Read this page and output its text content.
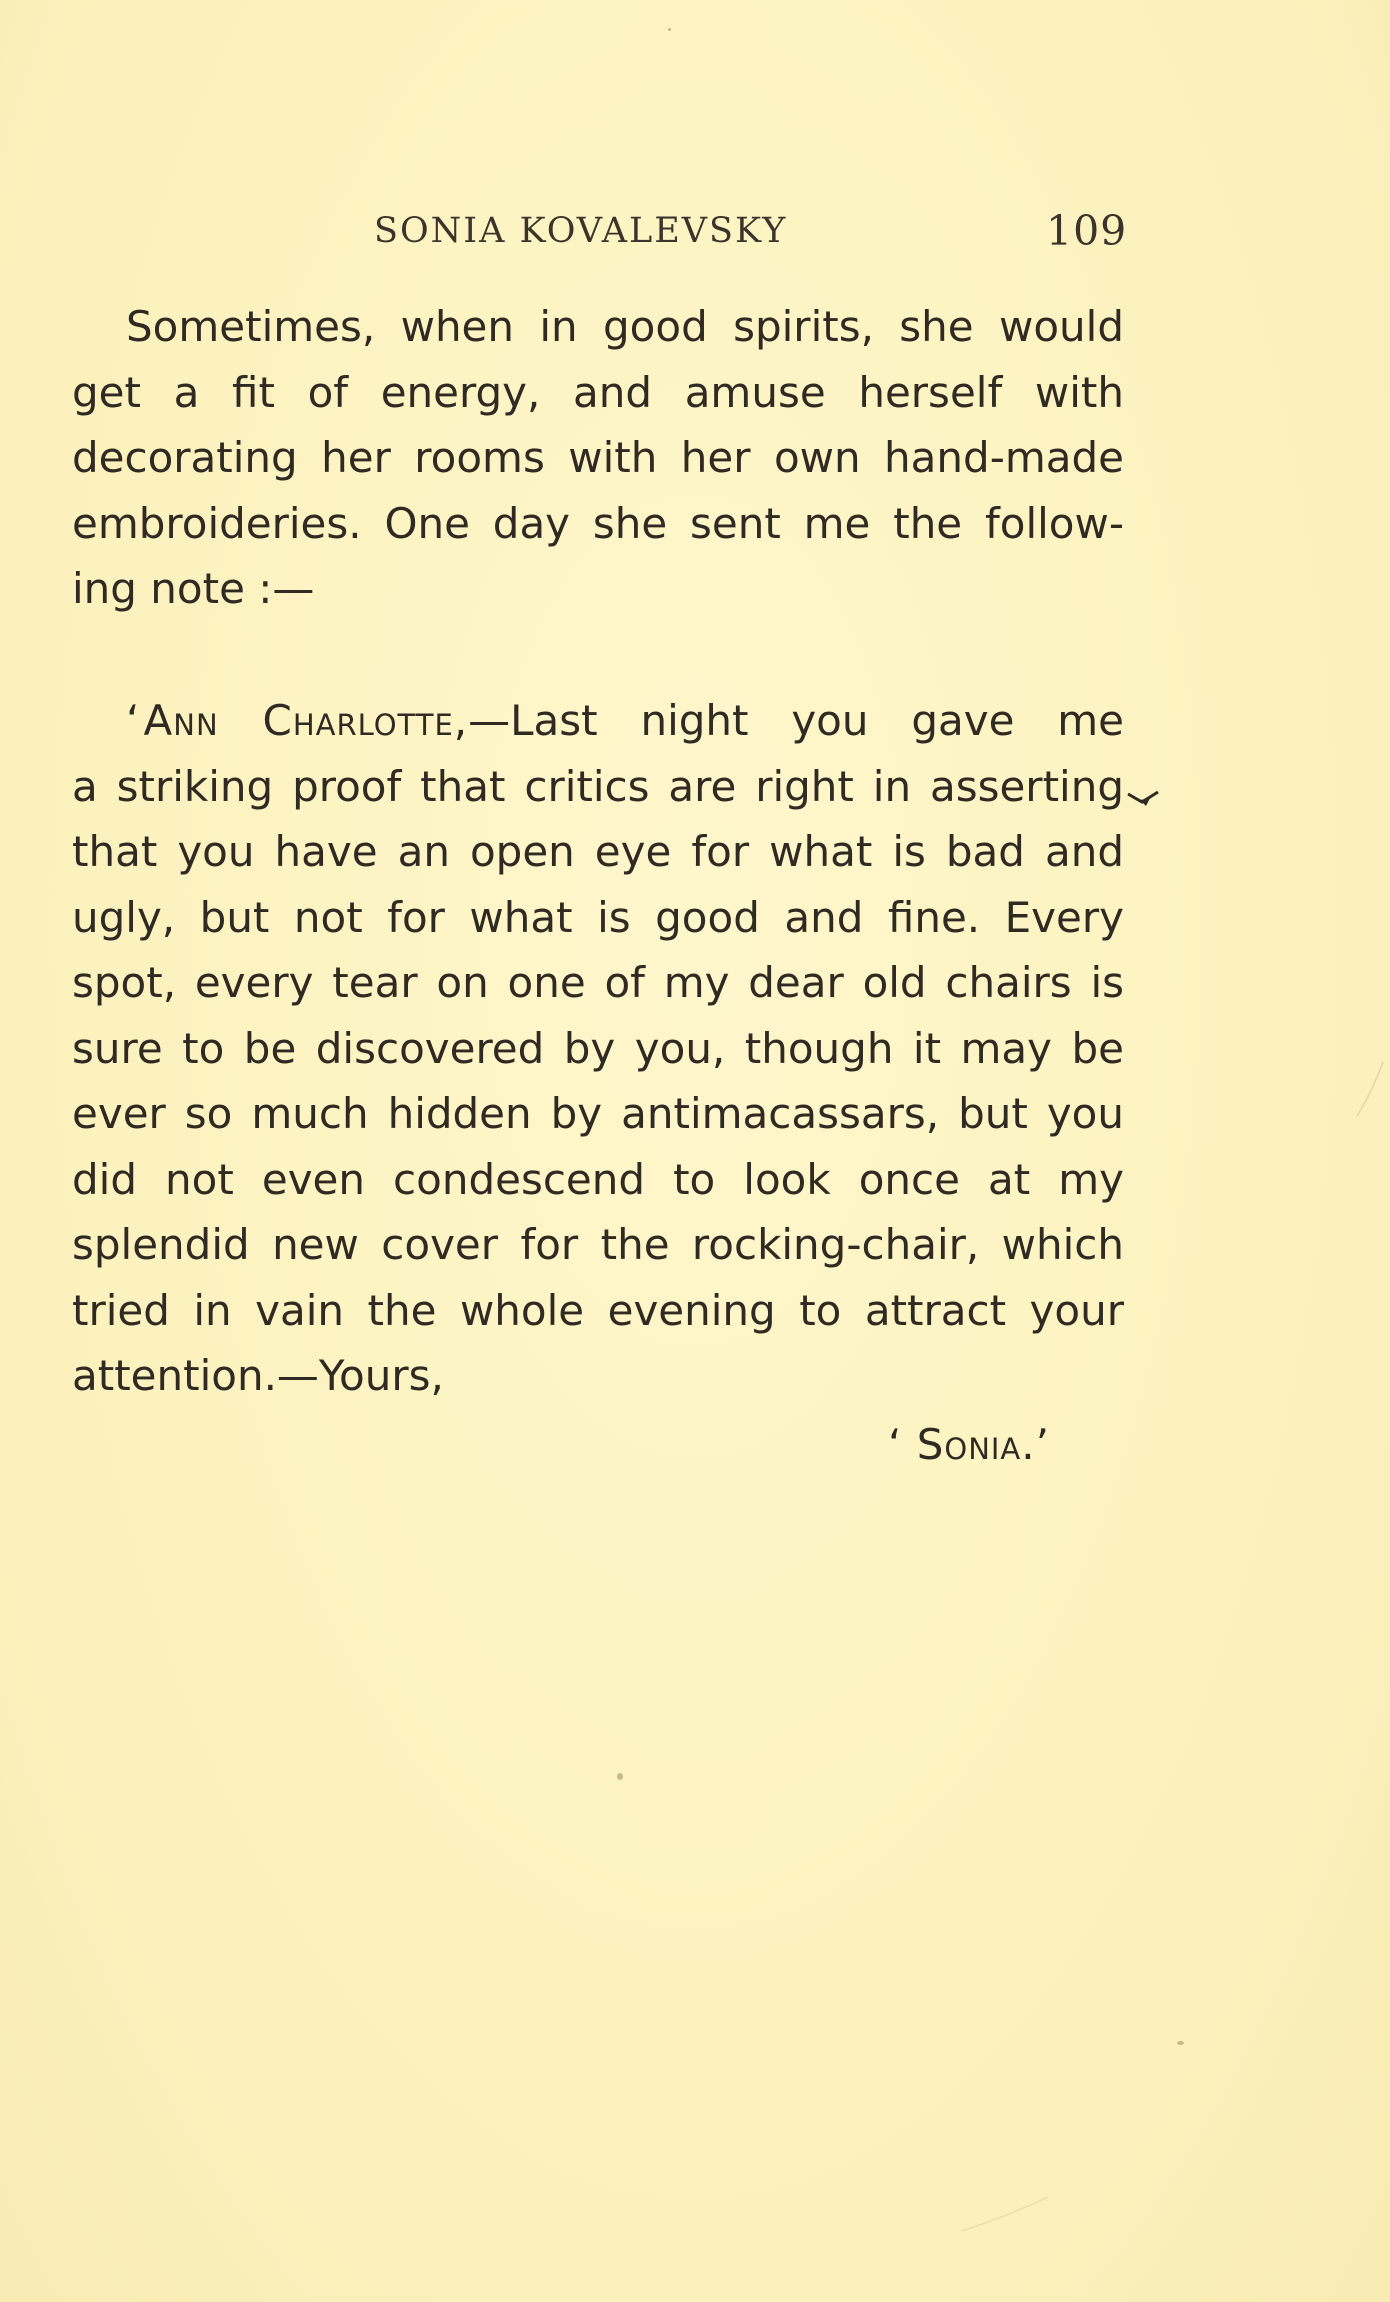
SONIA KOVALEVSKY	109
Sometimes, when in good spirits, she would
get a fit of energy, and amuse herself with
decorating her rooms with her own hand-made
embroideries. One day she sent me the follow-
ing note :—
‘ Ann Charlotte,—Last night you gave me
a striking proof that critics are right in asserting
that you have an open eye for what is bad and
ugly, but not for what is good and fine. Every
spot, every tear on one of my dear old chairs is
sure to be discovered by you, though it may be
ever so much hidden by antimacassars, but you
did not even condescend to look once at my
splendid new cover for the rocking-chair, which
tried in vain the whole evening to attract your
attention.—Yours,
‘ Sonia.’
